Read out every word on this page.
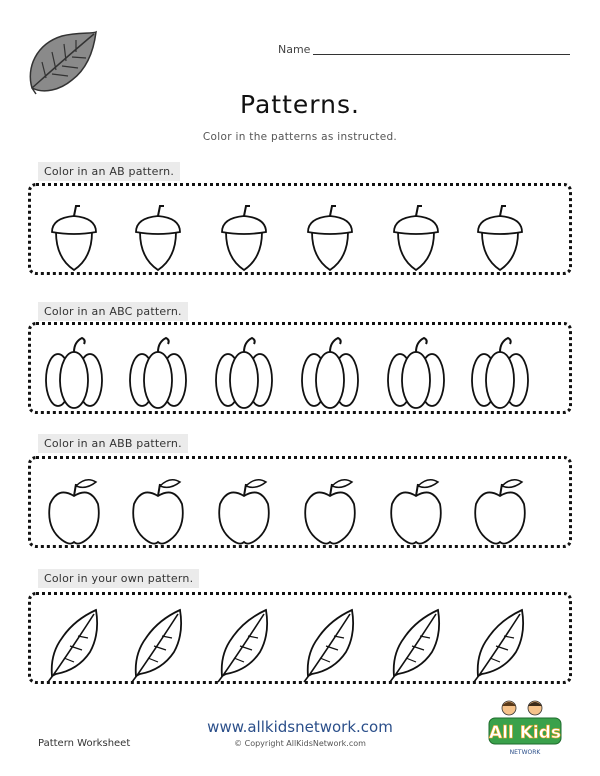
Name
Patterns.
Color in the patterns as instructed.
Color in an AB pattern.
Color in an ABC pattern.
Color in an ABB pattern.
Color in your own pattern.
Pattern Worksheet
www.allkidsnetwork.com
© Copyright AllKidsNetwork.com
All Kids
NETWORK
